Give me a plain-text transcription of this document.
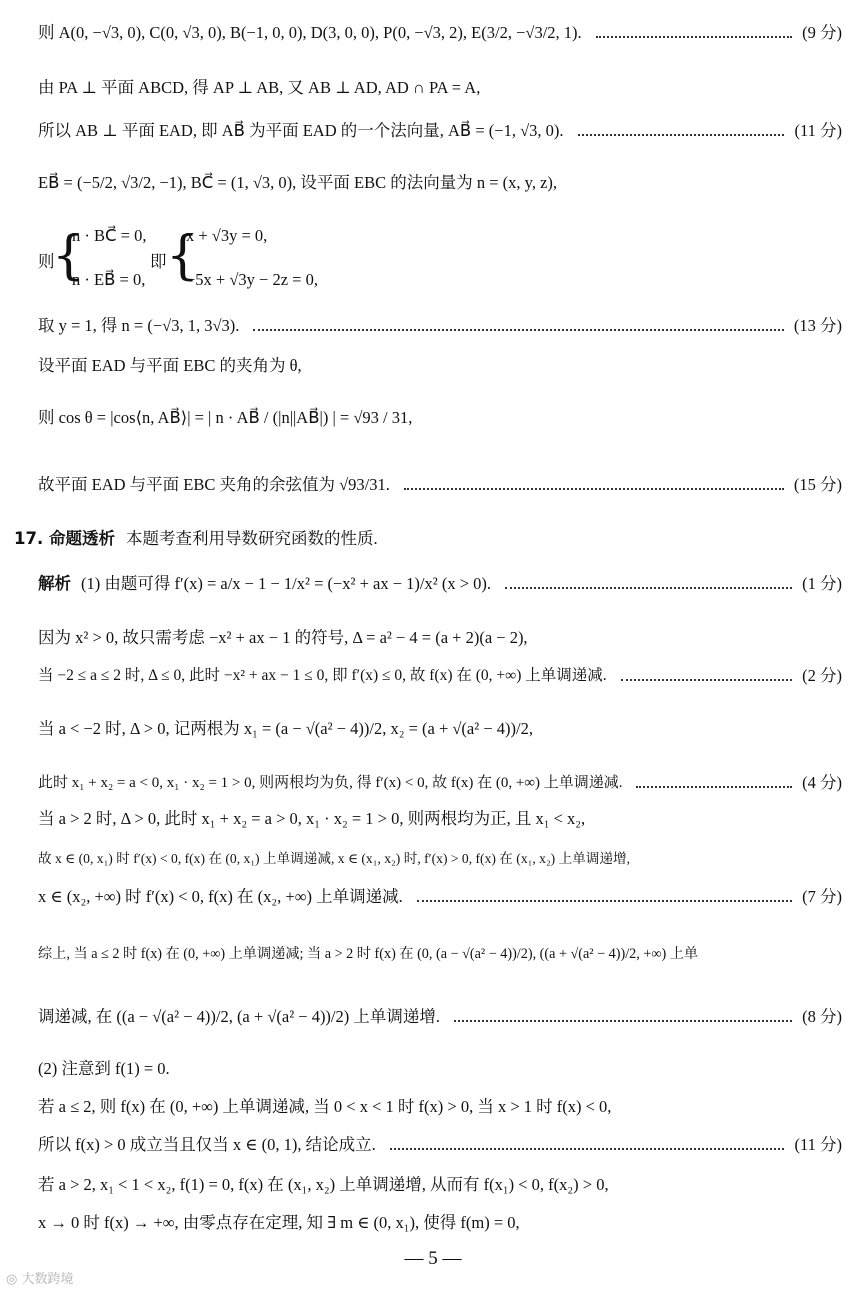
则 A(0, −√3, 0), C(0, √3, 0), B(−1, 0, 0), D(3, 0, 0), P(0, −√3, 2), E(3/2, −√3/2, 1).	(9 分)
由 PA ⊥ 平面 ABCD, 得 AP ⊥ AB, 又 AB ⊥ AD, AD ∩ PA = A,
所以 AB ⊥ 平面 EAD, 即 AB⃗ 为平面 EAD 的一个法向量, AB⃗ = (−1, √3, 0).	(11 分)
EB⃗ = (−5/2, √3/2, −1), BC⃗ = (1, √3, 0), 设平面 EBC 的法向量为 n = (x, y, z),
则
{
n · BC⃗ = 0,
n · EB⃗ = 0,
即 {
x + √3y = 0,
−5x + √3y − 2z = 0,
取 y = 1, 得 n = (−√3, 1, 3√3).	(13 分)
设平面 EAD 与平面 EBC 的夹角为 θ,
则 cos θ = |cos⟨n, AB⃗⟩| = | n · AB⃗ / (|n||AB⃗|) | = √93 / 31,
故平面 EAD 与平面 EBC 夹角的余弦值为 √93/31.	(15 分)
17. 命题透析 本题考查利用导数研究函数的性质.
解析 (1) 由题可得 f′(x) = a/x − 1 − 1/x² = (−x² + ax − 1)/x² (x > 0).	(1 分)
因为 x² > 0, 故只需考虑 −x² + ax − 1 的符号, Δ = a² − 4 = (a + 2)(a − 2),
当 −2 ≤ a ≤ 2 时, Δ ≤ 0, 此时 −x² + ax − 1 ≤ 0, 即 f′(x) ≤ 0, 故 f(x) 在 (0, +∞) 上单调递减.	(2 分)
当 a < −2 时, Δ > 0, 记两根为 x₁ = (a − √(a² − 4))/2, x₂ = (a + √(a² − 4))/2,
此时 x₁ + x₂ = a < 0, x₁ · x₂ = 1 > 0, 则两根均为负, 得 f′(x) < 0, 故 f(x) 在 (0, +∞) 上单调递减.	(4 分)
当 a > 2 时, Δ > 0, 此时 x₁ + x₂ = a > 0, x₁ · x₂ = 1 > 0, 则两根均为正, 且 x₁ < x₂,
故 x ∈ (0, x₁) 时 f′(x) < 0, f(x) 在 (0, x₁) 上单调递减, x ∈ (x₁, x₂) 时, f′(x) > 0, f(x) 在 (x₁, x₂) 上单调递增,
x ∈ (x₂, +∞) 时 f′(x) < 0, f(x) 在 (x₂, +∞) 上单调递减.	(7 分)
综上, 当 a ≤ 2 时 f(x) 在 (0, +∞) 上单调递减; 当 a > 2 时 f(x) 在 (0, (a − √(a² − 4))/2), ((a + √(a² − 4))/2, +∞) 上单
调递减, 在 ((a − √(a² − 4))/2, (a + √(a² − 4))/2) 上单调递增.	(8 分)
(2) 注意到 f(1) = 0.
若 a ≤ 2, 则 f(x) 在 (0, +∞) 上单调递减, 当 0 < x < 1 时 f(x) > 0, 当 x > 1 时 f(x) < 0,
所以 f(x) > 0 成立当且仅当 x ∈ (0, 1), 结论成立.	(11 分)
若 a > 2, x₁ < 1 < x₂, f(1) = 0, f(x) 在 (x₁, x₂) 上单调递增, 从而有 f(x₁) < 0, f(x₂) > 0,
x → 0 时 f(x) → +∞, 由零点存在定理, 知 ∃ m ∈ (0, x₁), 使得 f(m) = 0,
— 5 —
◎ 大数跨境
